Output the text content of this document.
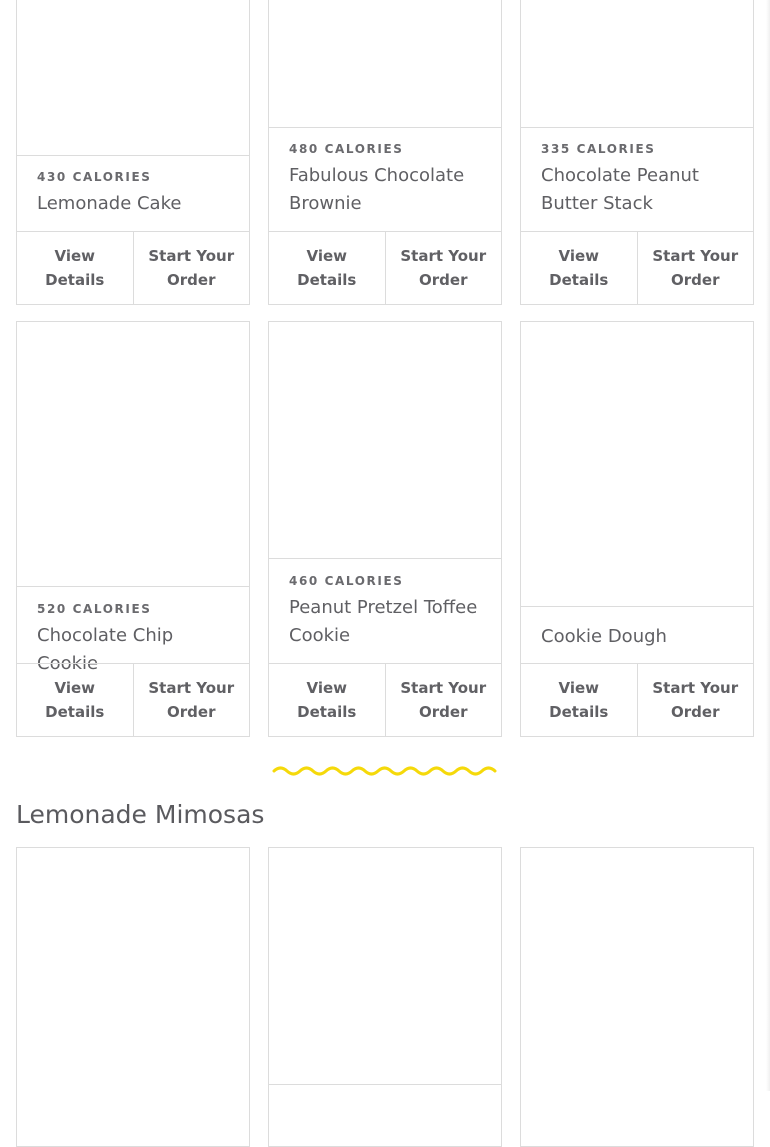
430 CALORIES
Lemonade Cake
View Details
Start Your Order
480 CALORIES
Fabulous Chocolate Brownie
View Details
Start Your Order
335 CALORIES
Chocolate Peanut Butter Stack
View Details
Start Your Order
520 CALORIES
Chocolate Chip Cookie
View Details
Start Your Order
460 CALORIES
Peanut Pretzel Toffee Cookie
View Details
Start Your Order
Cookie Dough
View Details
Start Your Order
Lemonade Mimosas
